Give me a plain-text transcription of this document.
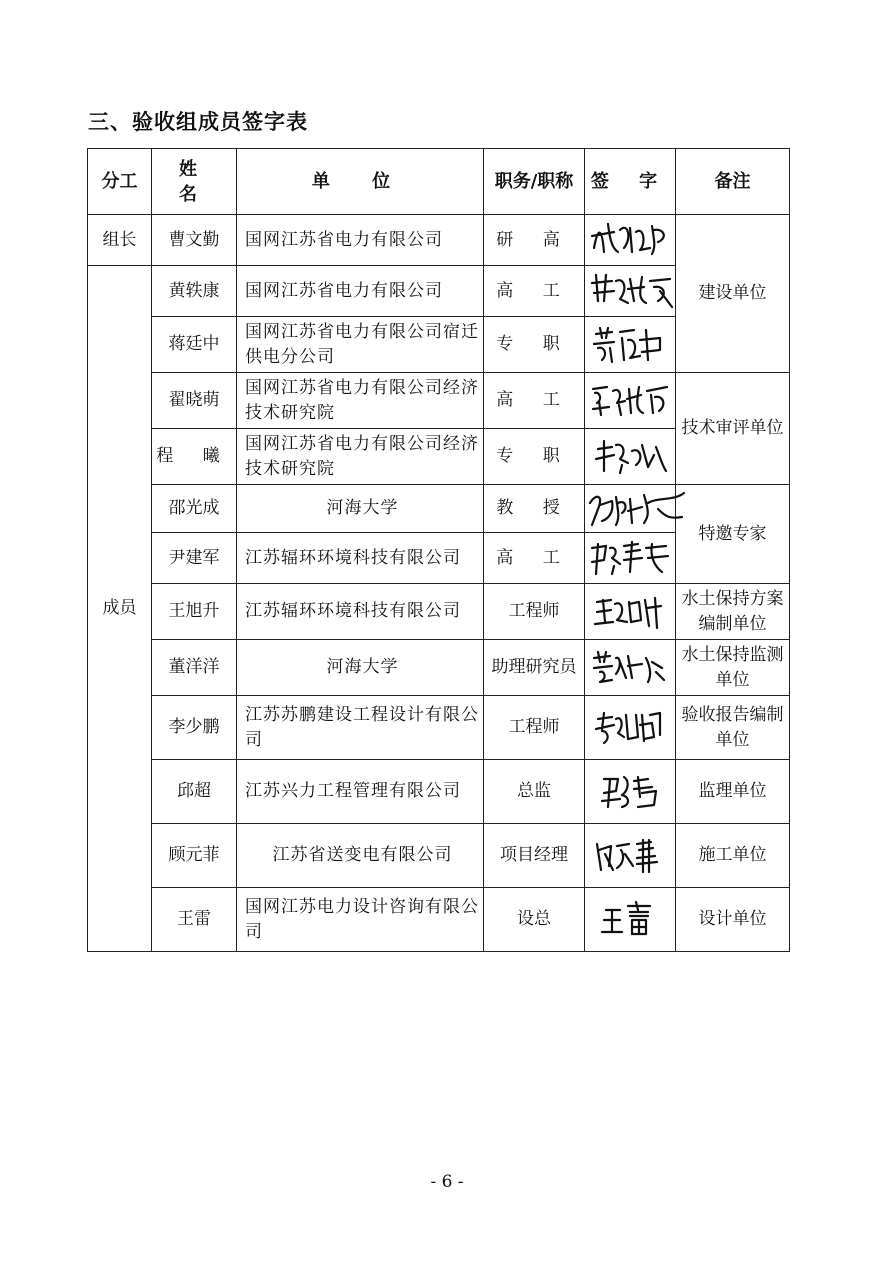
三、验收组成员签字表
分工	姓 名	单 位	职务/职称	签 字	备注
组长	曹文勤	国网江苏省电力有限公司	研 高		建设单位
成员	黄轶康	国网江苏省电力有限公司	高 工	

	蒋廷中	国网江苏省电力有限公司宿迁供电分公司	专 职	

	翟晓萌	国网江苏省电力有限公司经济技术研究院	高 工		技术审评单位
	程 曦	国网江苏省电力有限公司经济技术研究院	专 职	

	邵光成	河海大学	教 授		特邀专家
	尹建军	江苏辐环环境科技有限公司	高 工	

	王旭升	江苏辐环环境科技有限公司	工程师		水土保持方案编制单位
	董洋洋	河海大学	助理研究员		水土保持监测单位
	李少鹏	江苏苏鹏建设工程设计有限公司	工程师		验收报告编制单位
	邱超	江苏兴力工程管理有限公司	总监		监理单位
	顾元菲	江苏省送变电有限公司	项目经理		施工单位
	王雷	国网江苏电力设计咨询有限公司	设总		设计单位
- 6 -
